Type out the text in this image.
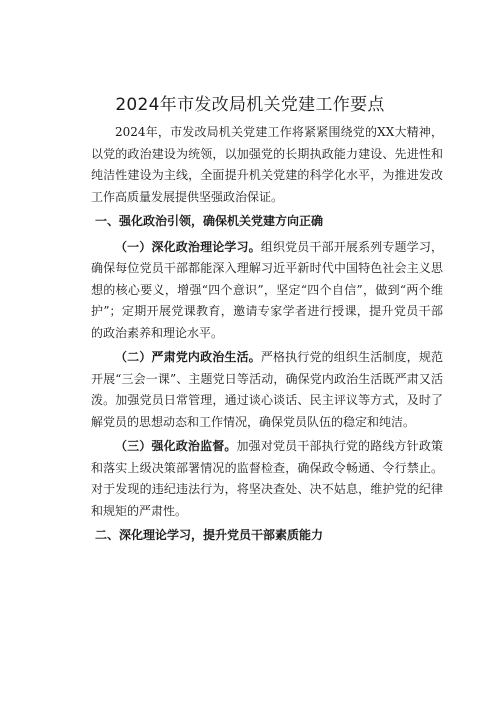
2024年市发改局机关党建工作要点

2024年，市发改局机关党建工作将紧紧围绕党的XX大精神，以党的政治建设为统领，以加强党的长期执政能力建设、先进性和纯洁性建设为主线，全面提升机关党建的科学化水平，为推进发改工作高质量发展提供坚强政治保证。

一、强化政治引领，确保机关党建方向正确

（一）深化政治理论学习。组织党员干部开展系列专题学习，确保每位党员干部都能深入理解习近平新时代中国特色社会主义思想的核心要义，增强“四个意识”，坚定“四个自信”，做到“两个维护”；定期开展党课教育，邀请专家学者进行授课，提升党员干部的政治素养和理论水平。

（二）严肃党内政治生活。严格执行党的组织生活制度，规范开展“三会一课”、主题党日等活动，确保党内政治生活既严肃又活泼。加强党员日常管理，通过谈心谈话、民主评议等方式，及时了解党员的思想动态和工作情况，确保党员队伍的稳定和纯洁。

（三）强化政治监督。加强对党员干部执行党的路线方针政策和落实上级决策部署情况的监督检查，确保政令畅通、令行禁止。对于发现的违纪违法行为，将坚决查处、决不姑息，维护党的纪律和规矩的严肃性。

二、深化理论学习，提升党员干部素质能力
